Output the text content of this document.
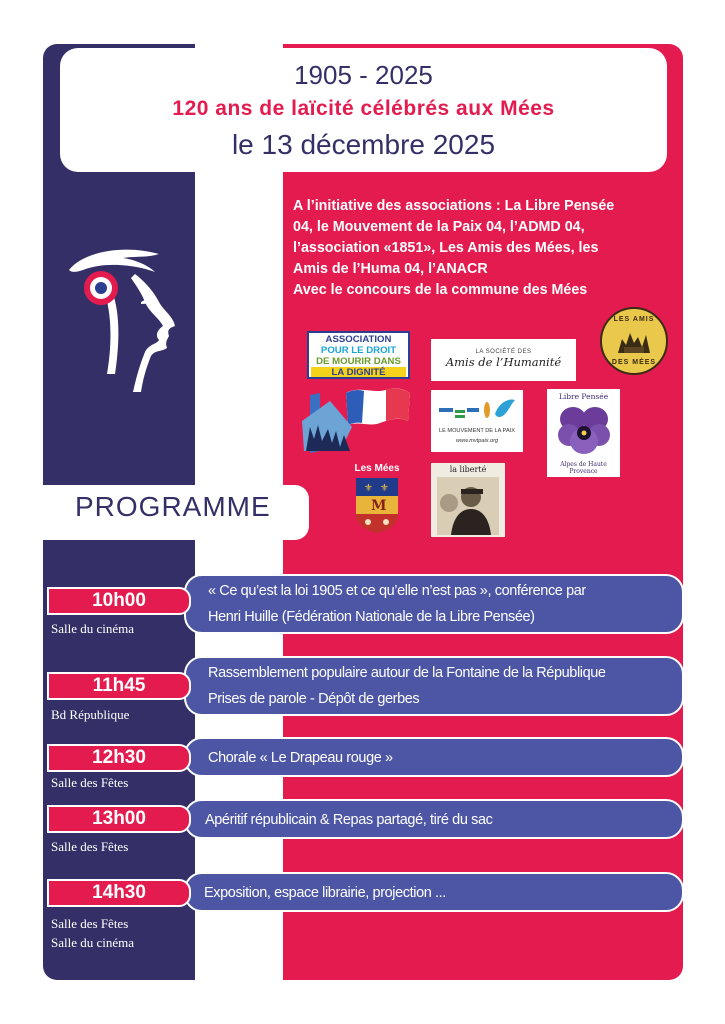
1905 - 2025
120 ans de laïcité célébrés aux Mées
le 13 décembre 2025
A l’initiative des associations : La Libre Pensée
04, le Mouvement de la Paix 04, l’ADMD 04,
l’association «1851», Les Amis des Mées, les
Amis de l’Huma 04, l’ANACR
Avec le concours de la commune des Mées
ASSOCIATION
POUR LE DROIT
DE MOURIR DANS
LA DIGNITÉ
LA SOCIÉTÉ DES
Amis de l’Humanité
LES AMIS
DES MÉES
LE MOUVEMENT DE LA PAIX
www.mvtpaix.org
Libre Pensée
Alpes de Haute Provence
Les Mées
⚜ ⚜
M
la liberté
PROGRAMME
« Ce qu’est la loi 1905 et ce qu’elle n’est pas », conférence par
Henri Huille (Fédération Nationale de la Libre Pensée)
10h00
Salle du cinéma
Rassemblement populaire autour de la Fontaine de la République
Prises de parole - Dépôt de gerbes
11h45
Bd République
Chorale « Le Drapeau rouge »
12h30
Salle des Fêtes
Apéritif républicain & Repas partagé, tiré du sac
13h00
Salle des Fêtes
Exposition, espace librairie, projection ...
14h30
Salle des Fêtes
Salle du cinéma
